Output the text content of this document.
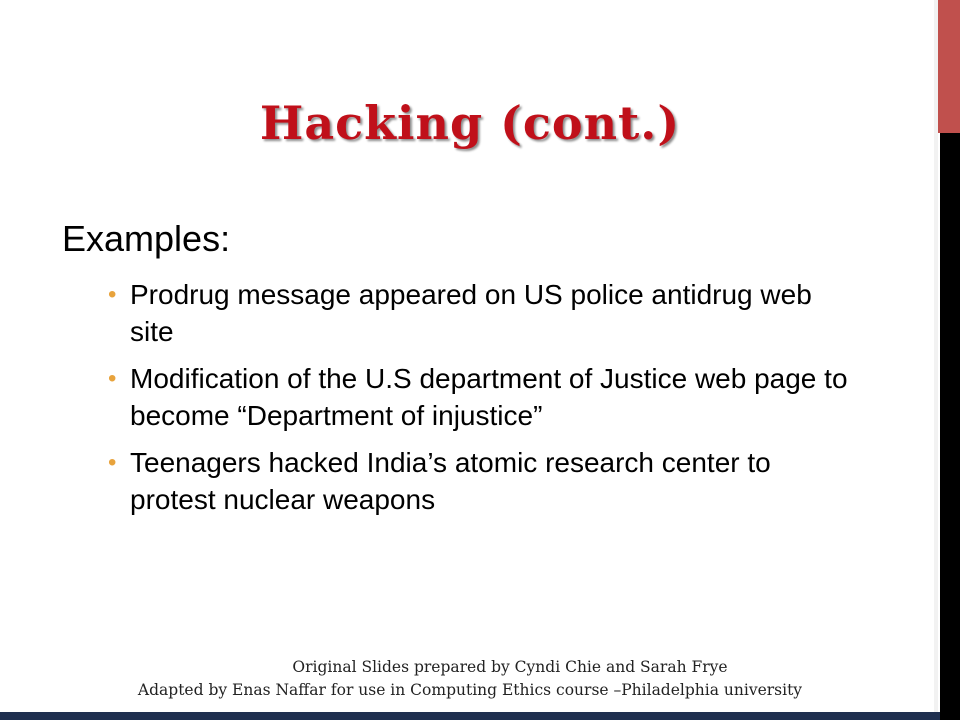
Hacking (cont.)
Examples:
• Prodrug message appeared on US police antidrug web site
• Modification of the U.S department of Justice web page to become “Department of injustice”
• Teenagers hacked India’s atomic research center to protest nuclear weapons
Original Slides prepared by Cyndi Chie and Sarah Frye
Adapted by Enas Naffar for use in Computing Ethics course –Philadelphia university
